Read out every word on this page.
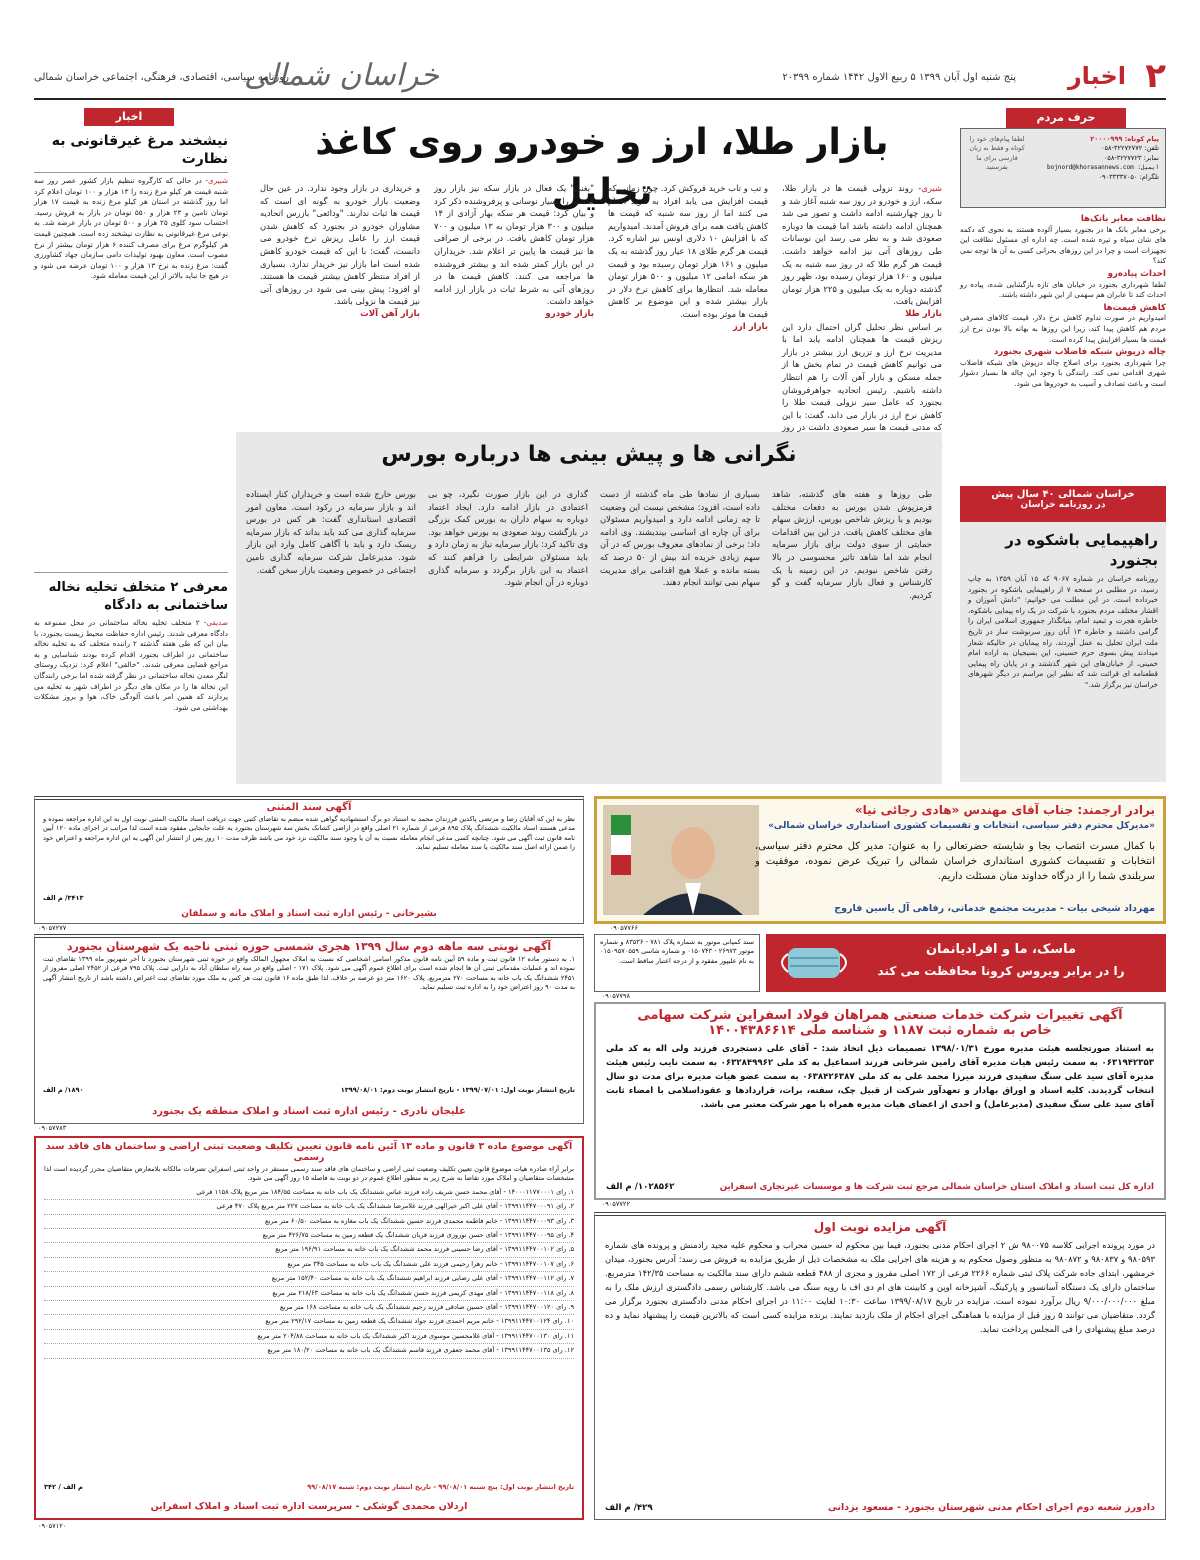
۲
اخبار
پنج شنبه اول آبان ۱۳۹۹ ۵ ربیع الاول ۱۴۴۲ شماره ۲۰۳۹۹
خراسان شمالی
روزنامه سیاسی، اقتصادی، فرهنگی، اجتماعی خراسان شمالی
حرف مردم
پیام کوتاه: ۲۰۰۰۰۹۹۹
تلفن: ۳۲۲۷۲۷۷۲-۰۵۸
نمابر: ۳۲۲۷۷۲۳-۰۵۸
ایمیل: bojnord@khorasannews.com
تلگرام: ۰۹۰۳۳۳۳۷۰۵۰
لطفا پیام‌های خود را کوتاه و فقط به زبان فارسی برای ما بفرستید
نظافت معابر بانک‌ها

برخی معابر بانک ها در بجنورد بسیار آلوده هستند به نحوی که دکمه های شان سیاه و تیره شده است. چه اداره ای مسئول نظافت این تجهیزات است و چرا در این روزهای بحرانی کسی به آن ها توجه نمی کند؟

احداث پیاده‌رو

لطفا شهرداری بجنورد در خیابان های تازه بازگشایی شده، پیاده رو احداث کند تا عابران هم سهمی از این شهر داشته باشند.

کاهش قیمت‌ها

امیدواریم در صورت تداوم کاهش نرخ دلار، قیمت کالاهای مصرفی مردم هم کاهش پیدا کند، زیرا این روزها به بهانه بالا بودن نرخ ارز قیمت ها بسیار افزایش پیدا کرده است.

چاله درپوش شبکه فاضلاب شهری بجنورد

چرا شهرداری بجنورد برای اصلاح چاله درپوش های شبکه فاضلاب شهری اقدامی نمی کند. رانندگی با وجود این چاله ها بسیار دشوار است و باعث تصادف و آسیب به خودروها می شود.

خراسان شمالی ۴۰ سال پیش
در روزنامه خراسان
راهپیمایی باشکوه در بجنورد
روزنامه خراسان در شماره ۹۰۶۷ که ۱۵ آبان ۱۳۵۹ به چاپ رسید، در مطلبی در صفحه ۷ از راهپیمایی باشکوه در بجنورد خبرداده است. در این مطلب می خوانیم: "دانش آموزان و اقشار مختلف مردم بجنورد با شرکت در یک راه پیمایی باشکوه، خاطره هجرت و تبعید امام، بنیانگذار جمهوری اسلامی ایران را گرامی داشتند و خاطره ۱۳ آبان روز سرنوشت ساز در تاریخ ملت ایران تجلیل به عمل آوردند. راه پیمایان در حالیکه شعار میدادند پیش بسوی حرم حسینی، این بسیجیان به اراده امام خمینی، از خیابان‌های این شهر گذشتند و در پایان راه پیمایی قطعنامه ای قرائت شد که نظیر این مراسم در دیگر شهرهای خراسان نیز برگزار شد."
اخبار
نیشخند مرغ غیرقانونی به نظارت
شبیری- در حالی که کارگروه تنظیم بازار کشور عصر روز سه شنبه قیمت هر کیلو مرغ زنده را ۱۳ هزار و ۱۰۰ تومان اعلام کرد اما روز گذشته در استان هر کیلو مرغ زنده به قیمت ۱۷ هزار تومان تامین و ۲۳ هزار و ۵۵۰ تومان در بازار به فروش رسید. احتساب سود کلوی ۲۵ هزار و ۵۰۰ تومان در بازار عرضه شد. به نوعی مرغ غیرقانونی به نظارت نیشخند زده است. همچنین قیمت هر کیلوگرم مرغ برای مصرف کننده ۶ هزار تومان بیشتر از نرخ مصوب است. معاون بهبود تولیدات دامی سازمان جهاد کشاورزی گفت: مرغ زنده به نرخ ۱۳ هزار و ۱۰۰ تومان عرضه می شود و در هیچ جا نباید بالاتر از این قیمت معامله شود.
معرفی ۲ متخلف تخلیه نخاله ساختمانی به دادگاه
صدیقی- ۲ متخلف تخلیه نخاله ساختمانی در محل ممنوعه به دادگاه معرفی شدند. رئیس اداره حفاظت محیط زیست بجنورد، با بیان این که طی هفته گذشته ۲ راننده متخلف که به تخلیه نخاله ساختمانی در اطراف بجنورد اقدام کرده بودند شناسایی و به مراجع قضایی معرفی شدند. "خالقی" اعلام کرد: نزدیک روستای لنگر معدن نخاله ساختمانی در نظر گرفته شده اما برخی رانندگان این نخاله ها را در مکان های دیگر در اطراف شهر به تخلیه می پردازند که همین امر باعث آلودگی خاک، هوا و بروز مشکلات بهداشتی می شود.
بازار طلا، ارز و خودرو روی کاغذ تحلیل	شیری- روند نزولی قیمت ها در بازار طلا، سکه، ارز و خودرو در روز سه شنبه آغاز شد و تا روز چهارشنبه ادامه داشت و تصور می شد همچنان ادامه داشته باشد اما قیمت ها دوباره صعودی شد و به نظر می رسد این نوسانات طی روزهای آتی نیز ادامه خواهد داشت. قیمت هر گرم طلا که در روز سه شنبه به یک میلیون و ۱۶۰ هزار تومان رسیده بود، ظهر روز گذشته دوباره به یک میلیون و ۲۲۵ هزار تومان افزایش یافت.
بازار طلا
بر اساس نظر تحلیل گران احتمال دارد این ریزش قیمت ها همچنان ادامه یابد اما با مدیریت نرخ ارز و تزریق ارز بیشتر در بازار می توانیم کاهش قیمت در تمام بخش ها از جمله مسکن و بازار آهن آلات را هم انتظار داشته باشیم. رئیس اتحادیه جواهرفروشان بجنورد که عامل سیر نزولی قیمت طلا را کاهش نرخ ارز در بازار می داند، گفت: با این که مدتی قیمت ها سیر صعودی داشت در روز
و تب و تاب خرید فروکش کرد. چون زمانی که قیمت افزایش می یابد افراد به خرید اقدام می کنند اما از روز سه شنبه که قیمت ها کاهش یافت همه برای فروش آمدند. امیدواریم که با افزایش ۱۰ دلاری اونس نیز اشاره کرد. قیمت هر گرم طلای ۱۸ عیار روز گذشته به یک میلیون و ۱۶۱ هزار تومان رسیده بود و قیمت هر سکه امامی ۱۲ میلیون و ۵۰۰ هزار تومان معامله شد. انتظارها برای کاهش نرخ دلار در بازار بیشتر شده و این موضوع بر کاهش قیمت ها موثر بوده است.
بازار ارز
"بغنی" یک فعال در بازار سکه نیز بازار روز گذشته را بسیار نوسانی و پرفروشنده ذکر کرد و بیان کرد: قیمت هر سکه بهار آزادی از ۱۴ میلیون و ۳۰۰ هزار تومان به ۱۳ میلیون و ۷۰۰ هزار تومان کاهش یافت. در برخی از صرافی ها نیز قیمت ها پایین تر اعلام شد. خریداران در این بازار کمتر شده اند و بیشتر فروشنده ها مراجعه می کنند. کاهش قیمت ها در روزهای آتی به شرط ثبات در بازار ارز ادامه خواهد داشت.
بازار خودرو
و خریداری در بازار وجود ندارد. در عین حال وضعیت بازار خودرو به گونه ای است که قیمت ها ثبات ندارند. "ودائعی" بازرس اتحادیه مشاوران خودرو در بجنورد که کاهش شدن قیمت ارز را عامل ریزش نرخ خودرو می دانست، گفت: با این که قیمت خودرو کاهش شده است اما بازار نیز خریدار ندارد. بسیاری از افراد منتظر کاهش بیشتر قیمت ها هستند. او افزود: پیش بینی می شود در روزهای آتی نیز قیمت ها نزولی باشد.
بازار آهن آلات
نگرانی ها و پیش بینی ها درباره بورس
طی روزها و هفته های گذشته، شاهد فرمزپوش شدن بورس به دفعات مختلف بودیم و با ریزش شاخص بورس، ارزش سهام های مختلف کاهش یافت. در این بین اقدامات حمایتی از سوی دولت برای بازار سرمایه انجام شد اما شاهد تاثیر محسوسی در بالا رفتن شاخص نبودیم. در این زمینه با یک کارشناس و فعال بازار سرمایه گفت و گو کردیم.
بسیاری از نمادها طی ماه گذشته از دست داده است، افزود: مشخص نیست این وضعیت تا چه زمانی ادامه دارد و امیدواریم مسئولان برای آن چاره ای اساسی بیندیشند. وی ادامه داد: برخی از نمادهای معروف بورس که در آن سهم زیادی خریده اند بیش از ۵۰ درصد که بسته مانده و عملا هیچ اقدامی برای مدیریت سهام نمی توانند انجام دهند.
گذاری در این بازار صورت نگیرد، چو بی اعتمادی در بازار ادامه دارد. ایجاد اعتماد دوباره به سهام داران به بورس کمک بزرگی در بازگشت روند صعودی به بورس خواهد بود. وی تاکید کرد: بازار سرمایه نیاز به زمان دارد و باید مسئولان شرایطی را فراهم کنند که اعتماد به این بازار برگردد و سرمایه گذاری دوباره در آن انجام شود.
بورس خارج شده است و خریداران کنار ایستاده اند و بازار سرمایه در رکود است. معاون امور اقتصادی استانداری گفت: هر کس در بورس سرمایه گذاری می کند باید بداند که بازار سرمایه ریسک دارد و باید با آگاهی کامل وارد این بازار شود. مدیرعامل شرکت سرمایه گذاری تامین اجتماعی در خصوص وضعیت بازار سخن گفت.
آگهی سند المثنی
نظر به این که آقایان رضا و مرتضی پاکدین فرزندان محمد به استناد دو برگ استشهادیه گواهی شده منضم به تقاضای کتبی جهت دریافت اسناد مالکیت المثنی نوبت اول به این اداره مراجعه نموده و مدعی هستند اسناد مالکیت ششدانگ پلاک ۸۹۵ فرعی از شماره ۲۱ اصلی واقع در اراضی کشانک بخش سه شهرستان بجنورد به علت جابجایی مفقود شده است لذا مراتب در اجرای ماده ۱۲۰ آیین نامه قانون ثبت آگهی می شود. چنانچه کسی مدعی انجام معامله نسبت به آن یا وجود سند مالکیت نزد خود می باشد ظرف مدت ۱۰ روز پس از انتشار این آگهی به این اداره مراجعه و اعتراض خود را ضمن ارائه اصل سند مالکیت یا سند معامله تسلیم نماید.
۳۴۱۳/ م الف
بشیرخانی - رئیس اداره ثبت اسناد و املاک مانه و سملقان
۰۹۰۵۷۲۷۷
آگهی نوبتی سه ماهه دوم سال ۱۳۹۹ هجری شمسی حوزه ثبتی ناحیه یک شهرستان بجنورد
۱. به دستور ماده ۱۲ قانون ثبت و ماده ۵۹ آیین نامه قانون مذکور اسامی اشخاصی که نسبت به املاک مجهول المالک واقع در حوزه ثبتی شهرستان بجنورد تا آخر شهریور ماه ۱۳۹۹ تقاضای ثبت نموده اند و عملیات مقدماتی ثبتی آن ها انجام شده است برای اطلاع عموم آگهی می شود. پلاک ۱۷۱ - اصلی واقع در سه راه سلطان آباد به دارایی ثبت. پلاک ۷۹۵ فرعی از ۲۴۵۲ اصلی مفروز از ۲۴۵۱ ششدانگ یک باب خانه به مساحت ۲۷۰ مترمربع. پلاک ۱۶۲۰ متر دو عرصه بر خلاف. لذا طبق ماده ۱۶ قانون ثبت هر کس به ملک مورد تقاضای ثبت اعتراض داشته باشد از تاریخ انتشار آگهی به مدت ۹۰ روز اعتراض خود را به اداره ثبت تسلیم نماید.
تاریخ انتشار نوبت اول: ۱۳۹۹/۰۷/۰۱ - تاریخ انتشار نوبت دوم: ۱۳۹۹/۰۸/۰۱
۱۸۹۰/ م الف
علیجان نادری - رئیس اداره ثبت اسناد و املاک منطقه یک بجنورد
۰۹۰۵۷۷۸۳
آگهی موضوع ماده ۳ قانون و ماده ۱۳ آئین نامه قانون تعیین تکلیف وضعیت ثبتی اراضی و ساختمان های فاقد سند رسمی
برابر آراء صادره هیات موضوع قانون تعیین تکلیف وضعیت ثبتی اراضی و ساختمان های فاقد سند رسمی مستقر در واحد ثبتی اسفراین تصرفات مالکانه بلامعارض متقاضیان محرز گردیده است لذا مشخصات متقاضیان و املاک مورد تقاضا به شرح زیر به منظور اطلاع عموم در دو نوبت به فاصله ۱۵ روز آگهی می شود.
۱. رای ۱۴۰۰۰۱۱۷۷۰۰۰۱ - آقای محمد حسن شریف زاده فرزند عباس ششدانگ یک باب خانه به مساحت ۱۸۴/۵۵ متر مربع پلاک ۱۱۵۸ فرعی
۲. رای ۱۳۹۹۱۱۴۴۷۰۰۰۹۱ - آقای علی اکبر خیرالهی فرزند غلامرضا ششدانگ یک باب خانه به مساحت ۲۲۷ متر مربع پلاک ۴۷۰ فرعی
۳. رای ۱۳۹۹۱۱۴۴۷۰۰۰۹۳ - خانم فاطمه محمدی فرزند حسین ششدانگ یک باب مغازه به مساحت ۶۰/۵۰ متر مربع
۴. رای ۱۳۹۹۱۱۴۴۷۰۰۰۹۵ - آقای حسن نوروزی فرزند قربان ششدانگ یک قطعه زمین به مساحت ۴۲۶/۷۵ متر مربع
۵. رای ۱۳۹۹۱۱۴۴۷۰۰۱۰۲ - آقای رضا حسینی فرزند محمد ششدانگ یک باب خانه به مساحت ۱۹۶/۹۱ متر مربع
۶. رای ۱۳۹۹۱۱۴۴۷۰۰۱۰۷ - خانم زهرا رحیمی فرزند علی ششدانگ یک باب خانه به مساحت ۳۴۵ متر مربع
۷. رای ۱۳۹۹۱۱۴۴۷۰۰۱۱۲ - آقای علی رضایی فرزند ابراهیم ششدانگ یک باب خانه به مساحت ۱۵۲/۴۰ متر مربع
۸. رای ۱۳۹۹۱۱۴۴۷۰۰۱۱۸ - آقای مهدی کریمی فرزند حسن ششدانگ یک باب خانه به مساحت ۲۱۸/۶۳ متر مربع
۹. رای ۱۳۹۹۱۱۴۴۷۰۰۱۲۰ - آقای حسین صادقی فرزند رحیم ششدانگ یک باب خانه به مساحت ۱۶۸ متر مربع
۱۰. رای ۱۳۹۹۱۱۴۴۷۰۰۱۲۴ - خانم مریم احمدی فرزند جواد ششدانگ یک قطعه زمین به مساحت ۲۹۲/۱۷ متر مربع
۱۱. رای ۱۳۹۹۱۱۴۴۷۰۰۱۳۰ - آقای غلامحسین موسوی فرزند اکبر ششدانگ یک باب خانه به مساحت ۲۰۴/۸۸ متر مربع
۱۲. رای ۱۳۹۹۱۱۴۴۷۰۰۱۳۵ - آقای محمد جعفری فرزند قاسم ششدانگ یک باب خانه به مساحت ۱۸۰/۲۰ متر مربع
تاریخ انتشار نوبت اول: پنج شنبه ۹۹/۰۸/۰۱ - تاریخ انتشار نوبت دوم: شنبه ۹۹/۰۸/۱۷
م الف / ۳۴۲
اردلان محمدی گوشکی - سرپرست اداره ثبت اسناد و املاک اسفراین
۰۹۰۵۷۱۲۰
برادر ارجمند: جناب آقای مهندس «هادی رجائی نیا»
«مدیرکل محترم دفتر سیاسی، انتخابات و تقسیمات کشوری استانداری خراسان شمالی»
با کمال مسرت انتصاب بجا و شایسته حضرتعالی را به عنوان: مدیر کل محترم دفتر سیاسی، انتخابات و تقسیمات کشوری استانداری خراسان شمالی را تبریک عرض نموده، موفقیت و سربلندی شما را از درگاه خداوند منان مسئلت داریم.
مهرداد شیخی بیات - مدیریت مجتمع خدماتی، رفاهی آل یاسین فاروج
۰۹۰۵۷۷۶۶
سند کمپانی موتور به شماره پلاک ۷۸۱ - ۸۳۵۳۶ و شماره موتور ۲۶۹۷۳ - ۰۱۵۰۷۴۳ و شماره شاسی ۰۱۵۰۹۵۷۰۵۵۹ به نام علیپور مفقود و از درجه اعتبار ساقط است.
۰۹۰۵۷۷۹۸
ماسک، ما و افرادیانمان
را در برابر ویروس کرونا محافظت می کند
آگهی تغییرات شرکت خدمات صنعتی همراهان فولاد اسفراین شرکت سهامی
خاص به شماره ثبت ۱۱۸۷ و شناسه ملی ۱۴۰۰۴۳۸۶۶۱۴
به استناد صورتجلسه هیئت مدیره مورخ ۱۳۹۸/۰۱/۳۱ تصمیمات ذیل اتخاذ شد: - آقای علی دستجردی فرزند ولی اله به کد ملی ۰۶۳۱۹۴۲۳۵۳ به سمت رئیس هیات مدیره آقای رامین شرخانی فرزند اسماعیل به کد ملی ۰۶۳۲۸۴۹۹۶۲ به سمت نایب رئیس هیئت مدیره آقای سید علی سنگ سفیدی فرزند میرزا محمد علی به کد ملی ۰۶۳۸۴۲۶۳۸۷ به سمت عضو هیات مدیره برای مدت دو سال انتخاب گردیدند. کلیه اسناد و اوراق بهادار و تعهدآور شرکت از قبیل چک، سفته، برات، قراردادها و عقوداسلامی با امضاء ثابت آقای سید علی سنگ سفیدی (مدیرعامل) و احدی از اعضای هیات مدیره همراه با مهر شرکت معتبر می باشد.
اداره کل ثبت اسناد و املاک استان خراسان شمالی مرجع ثبت شرکت ها و موسسات غیرتجاری اسفراین
۱۰۲۸۵۶۲/ م الف
۰۹۰۵۷۷۲۲
آگهی مزایده نوبت اول
در مورد پرونده اجرایی کلاسه ۹۸۰۰۷۵ ش ۲ اجرای احکام مدنی بجنورد، فیما بین محکوم له حسین محراب و محکوم علیه مجید رادمنش و پرونده های شماره ۹۸۰۵۹۳ و ۹۸۰۸۳۷ و ۹۸۰۸۷۲ به منظور وصول محکوم به و هزینه های اجرایی ملک به مشخصات ذیل از طریق مزایده به فروش می رسد: آدرس بجنورد، میدان خرمشهر، ابتدای جاده شرکت پلاک ثبتی شماره ۲۲۶۶ فرعی از ۱۷۲ اصلی مفروز و مجزی از ۴۸۸ قطعه ششم دارای سند مالکیت به مساحت ۱۴۲/۳۵ مترمربع. ساختمان دارای یک دستگاه آسانسور و پارکینگ، آشپزخانه اوپن و کابینت های ام دی اف با رویه سنگ می باشد. کارشناس رسمی دادگستری ارزش ملک را به مبلغ ۹/۰۰۰/۰۰۰/۰۰۰ ریال برآورد نموده است. مزایده در تاریخ ۱۳۹۹/۰۸/۱۷ ساعت ۱۰:۳۰ لغایت ۱۱:۰۰ در اجرای احکام مدنی دادگستری بجنورد برگزار می گردد. متقاضیان می توانند ۵ روز قبل از مزایده با هماهنگی اجرای احکام از ملک بازدید نمایند. برنده مزایده کسی است که بالاترین قیمت را پیشنهاد نماید و ده درصد مبلغ پیشنهادی را فی المجلس پرداخت نماید.
دادورز شعبه دوم اجرای احکام مدنی شهرستان بجنورد - مسعود یزدانی
۴۲۹/ م الف
